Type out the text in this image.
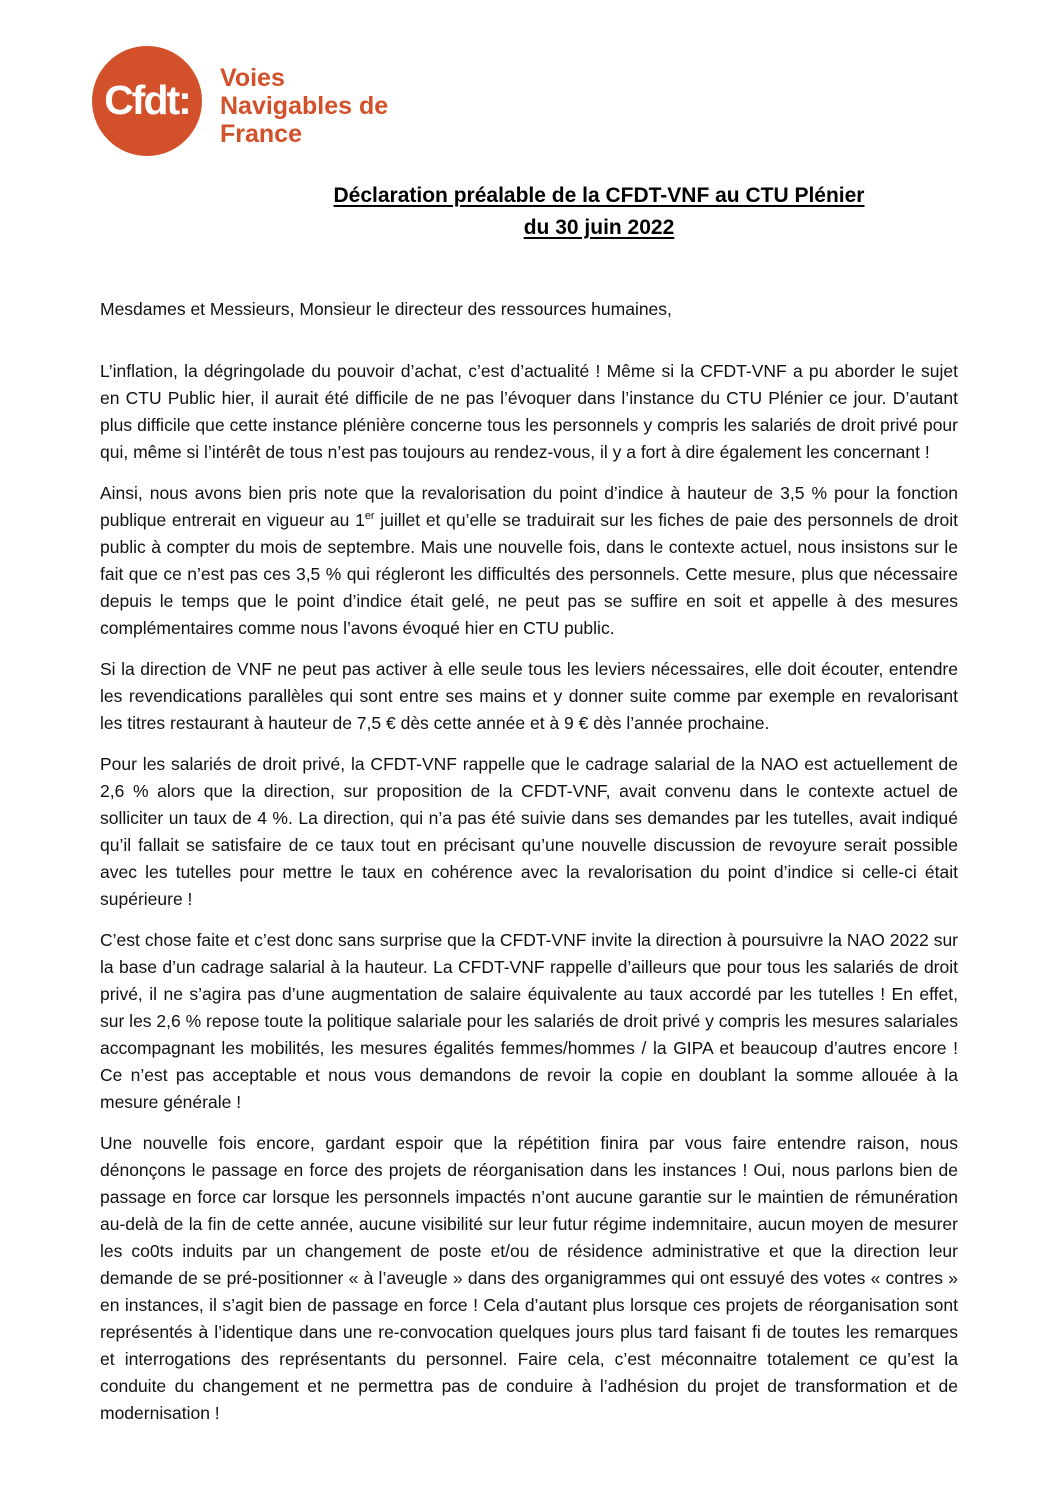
Cfdt: Voies
Navigables de
France
Déclaration préalable de la CFDT-VNF au CTU Plénier
du 30 juin 2022

Mesdames et Messieurs, Monsieur le directeur des ressources humaines,

L’inflation, la dégringolade du pouvoir d’achat, c’est d’actualité ! Même si la CFDT-VNF a pu aborder le sujet en CTU Public hier, il aurait été difficile de ne pas l’évoquer dans l’instance du CTU Plénier ce jour. D’autant plus difficile que cette instance plénière concerne tous les personnels y compris les salariés de droit privé pour qui, même si l’intérêt de tous n’est pas toujours au rendez-vous, il y a fort à dire également les concernant !

Ainsi, nous avons bien pris note que la revalorisation du point d’indice à hauteur de 3,5 % pour la fonction publique entrerait en vigueur au 1er juillet et qu’elle se traduirait sur les fiches de paie des personnels de droit public à compter du mois de septembre. Mais une nouvelle fois, dans le contexte actuel, nous insistons sur le fait que ce n’est pas ces 3,5 % qui régleront les difficultés des personnels. Cette mesure, plus que nécessaire depuis le temps que le point d’indice était gelé, ne peut pas se suffire en soit et appelle à des mesures complémentaires comme nous l’avons évoqué hier en CTU public.

Si la direction de VNF ne peut pas activer à elle seule tous les leviers nécessaires, elle doit écouter, entendre les revendications parallèles qui sont entre ses mains et y donner suite comme par exemple en revalorisant les titres restaurant à hauteur de 7,5 € dès cette année et à 9 € dès l’année prochaine.

Pour les salariés de droit privé, la CFDT-VNF rappelle que le cadrage salarial de la NAO est actuellement de 2,6 % alors que la direction, sur proposition de la CFDT-VNF, avait convenu dans le contexte actuel de solliciter un taux de 4 %. La direction, qui n’a pas été suivie dans ses demandes par les tutelles, avait indiqué qu’il fallait se satisfaire de ce taux tout en précisant qu’une nouvelle discussion de revoyure serait possible avec les tutelles pour mettre le taux en cohérence avec la revalorisation du point d’indice si celle-ci était supérieure !

C’est chose faite et c’est donc sans surprise que la CFDT-VNF invite la direction à poursuivre la NAO 2022 sur la base d’un cadrage salarial à la hauteur. La CFDT-VNF rappelle d’ailleurs que pour tous les salariés de droit privé, il ne s’agira pas d’une augmentation de salaire équivalente au taux accordé par les tutelles ! En effet, sur les 2,6 % repose toute la politique salariale pour les salariés de droit privé y compris les mesures salariales accompagnant les mobilités, les mesures égalités femmes/hommes / la GIPA et beaucoup d’autres encore ! Ce n’est pas acceptable et nous vous demandons de revoir la copie en doublant la somme allouée à la mesure générale !

Une nouvelle fois encore, gardant espoir que la répétition finira par vous faire entendre raison, nous dénonçons le passage en force des projets de réorganisation dans les instances ! Oui, nous parlons bien de passage en force car lorsque les personnels impactés n’ont aucune garantie sur le maintien de rémunération au-delà de la fin de cette année, aucune visibilité sur leur futur régime indemnitaire, aucun moyen de mesurer les co0ts induits par un changement de poste et/ou de résidence administrative et que la direction leur demande de se pré-positionner « à l’aveugle » dans des organigrammes qui ont essuyé des votes « contres » en instances, il s’agit bien de passage en force ! Cela d’autant plus lorsque ces projets de réorganisation sont représentés à l’identique dans une re-convocation quelques jours plus tard faisant fi de toutes les remarques et interrogations des représentants du personnel. Faire cela, c’est méconnaitre totalement ce qu’est la conduite du changement et ne permettra pas de conduire à l’adhésion du projet de transformation et de modernisation !
